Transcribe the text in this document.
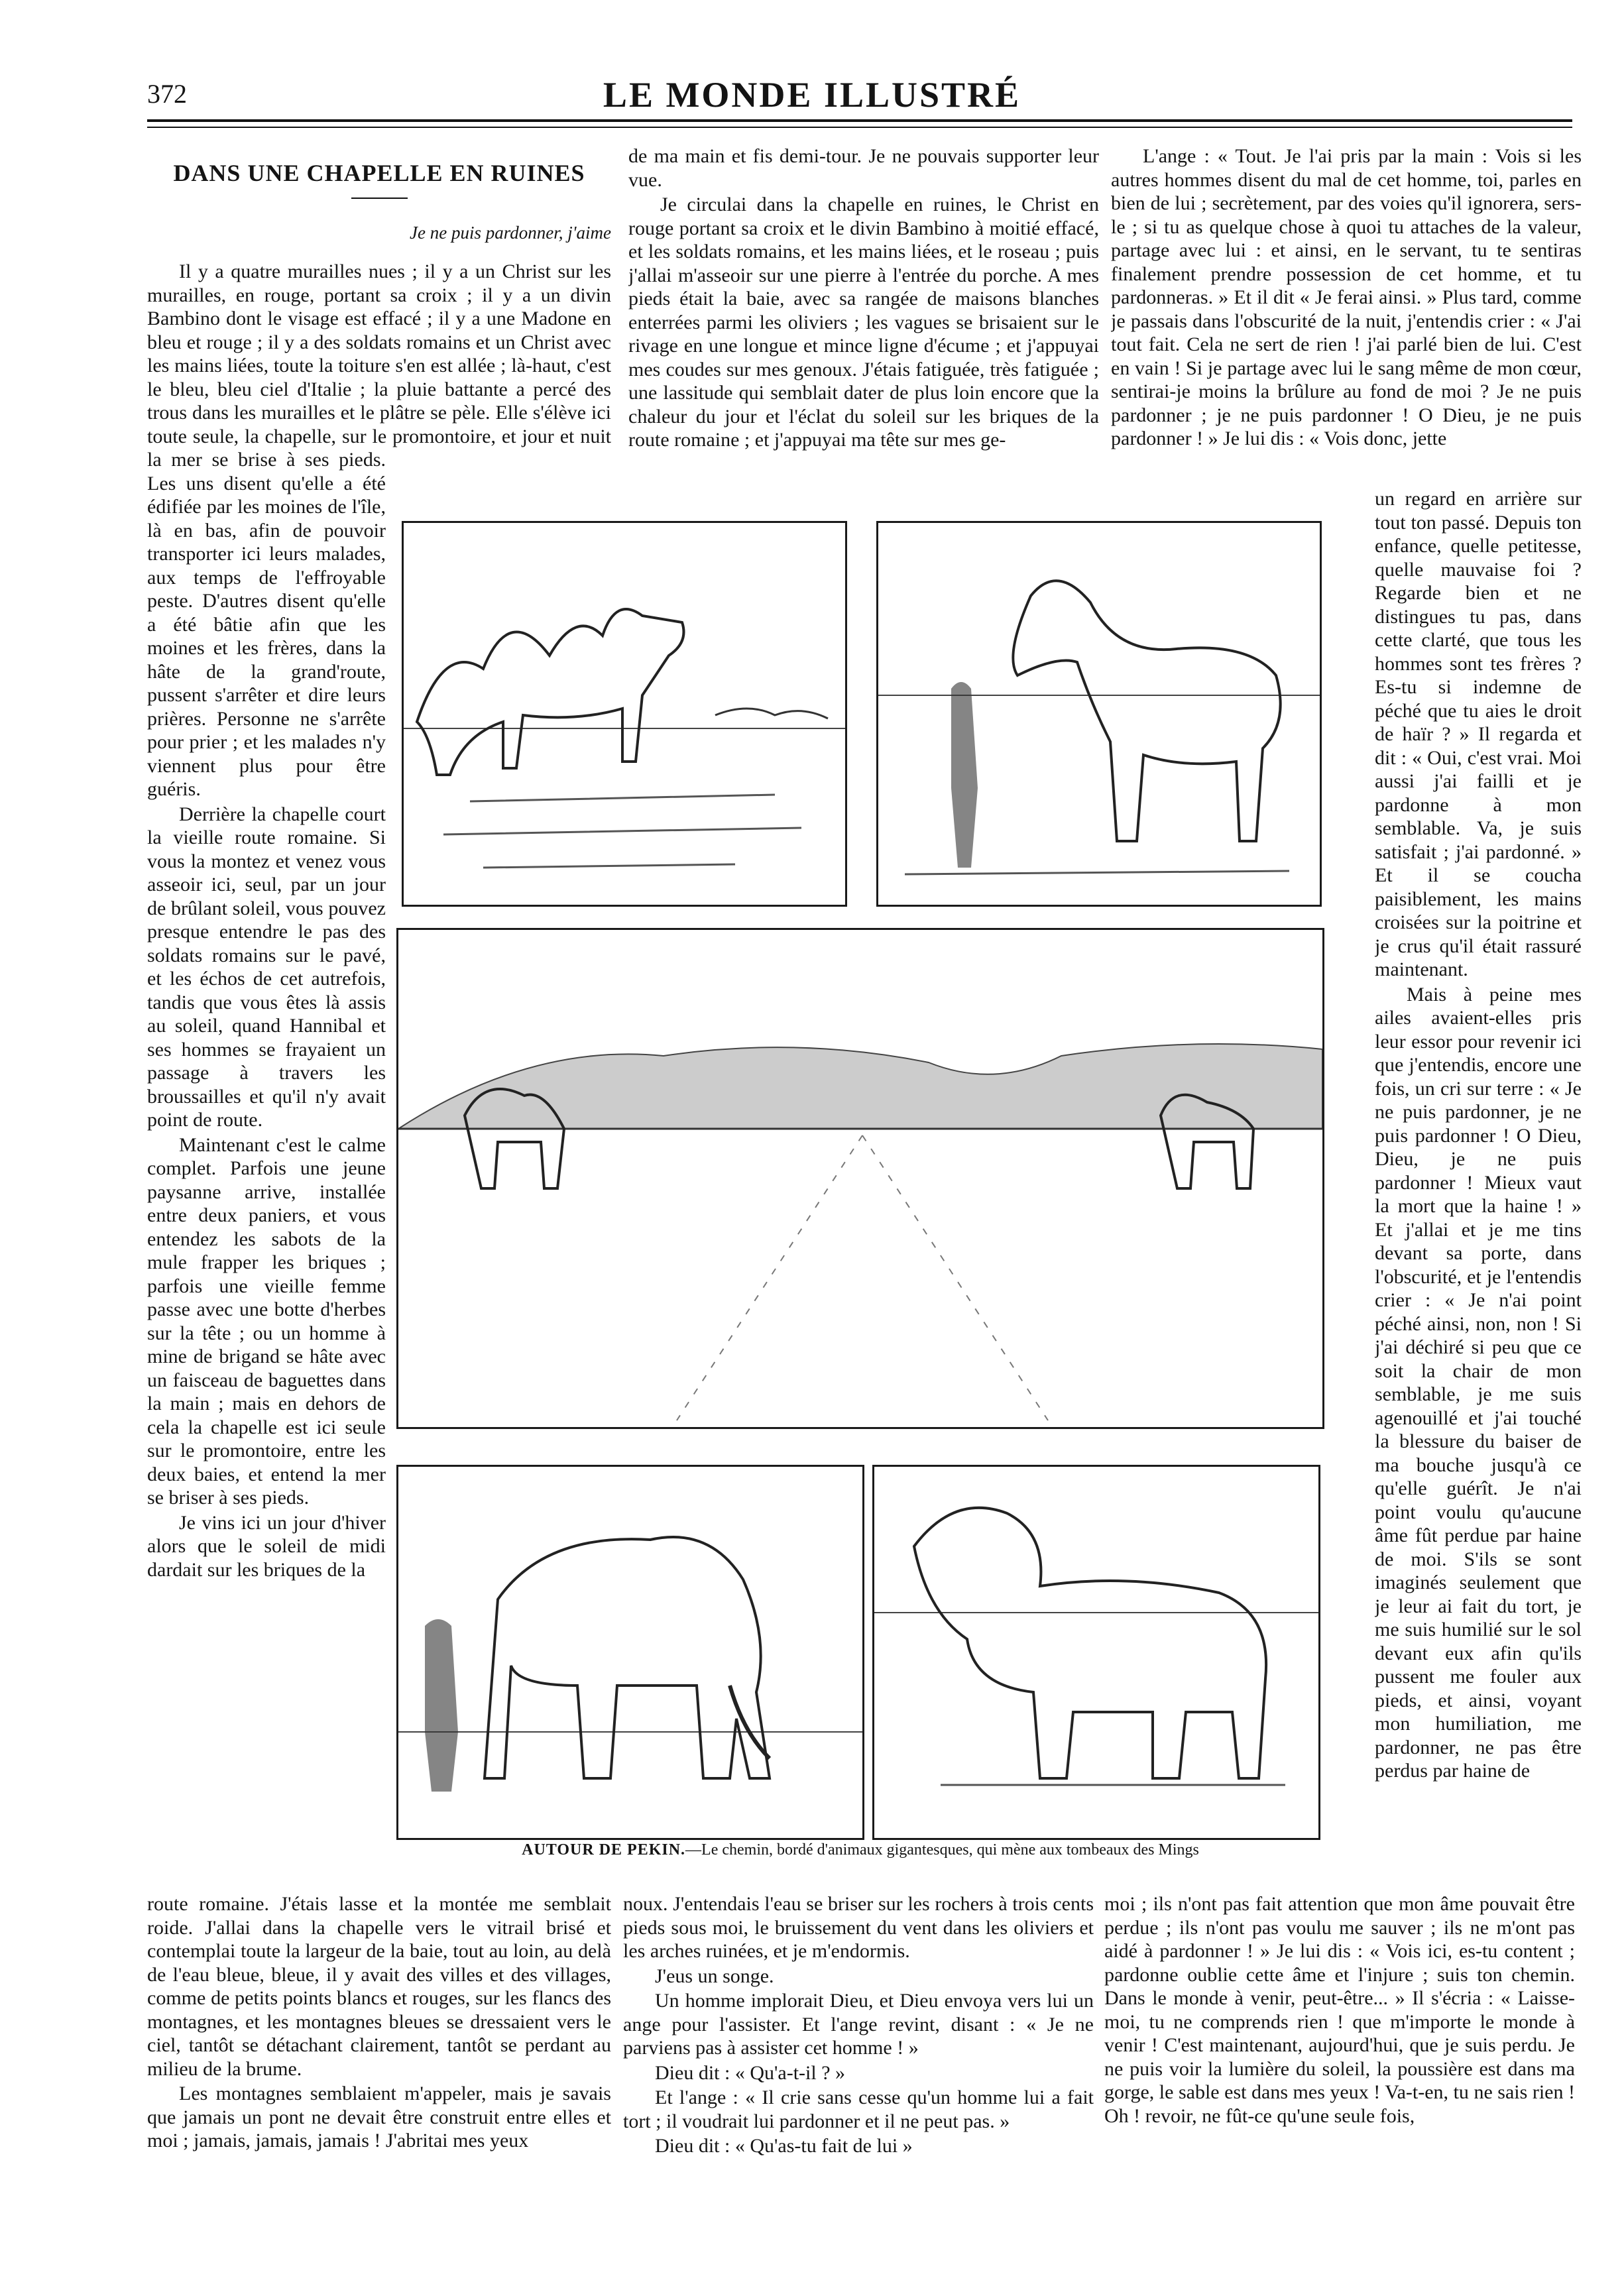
372	LE MONDE ILLUSTRÉ
DANS UNE CHAPELLE EN RUINES
Je ne puis pardonner, j'aime

Il y a quatre murailles nues ; il y a un Christ sur les murailles, en rouge, portant sa croix ; il y a un divin Bambino dont le visage est effacé ; il y a une Madone en bleu et rouge ; il y a des soldats romains et un Christ avec les mains liées, toute la toiture s'en est allée ; là-haut, c'est le bleu, bleu ciel d'Italie ; la pluie battante a percé des trous dans les murailles et le plâtre se pèle. Elle s'élève ici toute seule, la chapelle, sur le promontoire, et jour et nuit la mer se brise à ses pieds. Les uns disent qu'elle a été édifiée par les moines de l'île, là en bas, afin de pouvoir transporter ici leurs malades, aux temps de l'effroyable peste. D'autres disent qu'elle a été bâtie afin que les moines et les frères, dans la hâte de la grand'route, pussent s'arrêter et dire leurs prières. Personne ne s'arrête pour prier ; et les malades n'y viennent plus pour être guéris.

Derrière la chapelle court la vieille route romaine. Si vous la montez et venez vous asseoir ici, seul, par un jour de brûlant soleil, vous pouvez presque entendre le pas des soldats romains sur le pavé, et les échos de cet autrefois, tandis que vous êtes là assis au soleil, quand Hannibal et ses hommes se frayaient un passage à travers les broussailles et qu'il n'y avait point de route.

Maintenant c'est le calme complet. Parfois une jeune paysanne arrive, installée entre deux paniers, et vous entendez les sabots de la mule frapper les briques ; parfois une vieille femme passe avec une botte d'herbes sur la tête ; ou un homme à mine de brigand se hâte avec un faisceau de baguettes dans la main ; mais en dehors de cela la chapelle est ici seule sur le promontoire, entre les deux baies, et entend la mer se briser à ses pieds.

Je vins ici un jour d'hiver alors que le soleil de midi dardait sur les briques de la

de ma main et fis demi-tour. Je ne pouvais supporter leur vue.

Je circulai dans la chapelle en ruines, le Christ en rouge portant sa croix et le divin Bambino à moitié effacé, et les soldats romains, et les mains liées, et le roseau ; puis j'allai m'asseoir sur une pierre à l'entrée du porche. A mes pieds était la baie, avec sa rangée de maisons blanches enterrées parmi les oliviers ; les vagues se brisaient sur le rivage en une longue et mince ligne d'écume ; et j'appuyai mes coudes sur mes genoux. J'étais fatiguée, très fatiguée ; une lassitude qui semblait dater de plus loin encore que la chaleur du jour et l'éclat du soleil sur les briques de la route romaine ; et j'appuyai ma tête sur mes ge-

L'ange : « Tout. Je l'ai pris par la main : Vois si les autres hommes disent du mal de cet homme, toi, parles en bien de lui ; secrètement, par des voies qu'il ignorera, sers-le ; si tu as quelque chose à quoi tu attaches de la valeur, partage avec lui : et ainsi, en le servant, tu te sentiras finalement prendre possession de cet homme, et tu pardonneras. » Et il dit « Je ferai ainsi. » Plus tard, comme je passais dans l'obscurité de la nuit, j'entendis crier : « J'ai tout fait. Cela ne sert de rien ! j'ai parlé bien de lui. C'est en vain ! Si je partage avec lui le sang même de mon cœur, sentirai-je moins la brûlure au fond de moi ? Je ne puis pardonner ; je ne puis pardonner ! O Dieu, je ne puis pardonner ! » Je lui dis : « Vois donc, jette

un regard en arrière sur tout ton passé. Depuis ton enfance, quelle petitesse, quelle mauvaise foi ? Regarde bien et ne distingues tu pas, dans cette clarté, que tous les hommes sont tes frères ? Es-tu si indemne de péché que tu aies le droit de haïr ? » Il regarda et dit : « Oui, c'est vrai. Moi aussi j'ai failli et je pardonne à mon semblable. Va, je suis satisfait ; j'ai pardonné. » Et il se coucha paisiblement, les mains croisées sur la poitrine et je crus qu'il était rassuré maintenant.

Mais à peine mes ailes avaient-elles pris leur essor pour revenir ici que j'entendis, encore une fois, un cri sur terre : « Je ne puis pardonner, je ne puis pardonner ! O Dieu, Dieu, je ne puis pardonner ! Mieux vaut la mort que la haine ! » Et j'allai et je me tins devant sa porte, dans l'obscurité, et je l'entendis crier : « Je n'ai point péché ainsi, non, non ! Si j'ai déchiré si peu que ce soit la chair de mon semblable, je me suis agenouillé et j'ai touché la blessure du baiser de ma bouche jusqu'à ce qu'elle guérît. Je n'ai point voulu qu'aucune âme fût perdue par haine de moi. S'ils se sont imaginés seulement que je leur ai fait du tort, je me suis humilié sur le sol devant eux afin qu'ils pussent me fouler aux pieds, et ainsi, voyant mon humiliation, me pardonner, ne pas être perdus par haine de

AUTOUR DE PEKIN.—Le chemin, bordé d'animaux gigantesques, qui mène aux tombeaux des Mings

route romaine. J'étais lasse et la montée me semblait roide. J'allai dans la chapelle vers le vitrail brisé et contemplai toute la largeur de la baie, tout au loin, au delà de l'eau bleue, bleue, il y avait des villes et des villages, comme de petits points blancs et rouges, sur les flancs des montagnes, et les montagnes bleues se dressaient vers le ciel, tantôt se détachant clairement, tantôt se perdant au milieu de la brume.

Les montagnes semblaient m'appeler, mais je savais que jamais un pont ne devait être construit entre elles et moi ; jamais, jamais, jamais ! J'abritai mes yeux

noux. J'entendais l'eau se briser sur les rochers à trois cents pieds sous moi, le bruissement du vent dans les oliviers et les arches ruinées, et je m'endormis.

J'eus un songe.

Un homme implorait Dieu, et Dieu envoya vers lui un ange pour l'assister. Et l'ange revint, disant : « Je ne parviens pas à assister cet homme ! »

Dieu dit : « Qu'a-t-il ? »

Et l'ange : « Il crie sans cesse qu'un homme lui a fait tort ; il voudrait lui pardonner et il ne peut pas. »

Dieu dit : « Qu'as-tu fait de lui »

moi ; ils n'ont pas fait attention que mon âme pouvait être perdue ; ils n'ont pas voulu me sauver ; ils ne m'ont pas aidé à pardonner ! » Je lui dis : « Vois ici, es-tu content ; pardonne oublie cette âme et l'injure ; suis ton chemin. Dans le monde à venir, peut-être... » Il s'écria : « Laisse-moi, tu ne comprends rien ! que m'importe le monde à venir ! C'est maintenant, aujourd'hui, que je suis perdu. Je ne puis voir la lumière du soleil, la poussière est dans ma gorge, le sable est dans mes yeux ! Va-t-en, tu ne sais rien ! Oh ! revoir, ne fût-ce qu'une seule fois,
